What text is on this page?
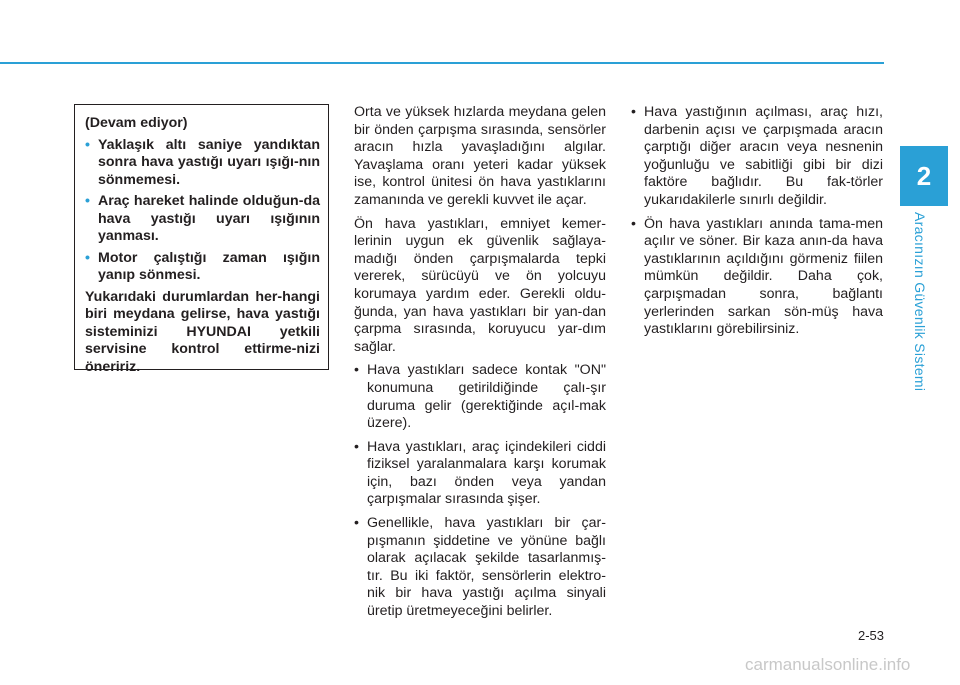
2
Aracınızın Güvenlik Sistemi

(Devam ediyor)

• Yaklaşık altı saniye yandıktan sonra hava yastığı uyarı ışığı-nın sönmemesi.
• Araç hareket halinde olduğun-da hava yastığı uyarı ışığının yanması.
• Motor çalıştığı zaman ışığın yanıp sönmesi.

Yukarıdaki durumlardan her-hangi biri meydana gelirse, hava yastığı sisteminizi HYUNDAI yetkili servisine kontrol ettirme-nizi öneririz.

Orta ve yüksek hızlarda meydana gelen bir önden çarpışma sırasında, sensörler aracın hızla yavaşladığını algılar. Yavaşlama oranı yeteri kadar yüksek ise, kontrol ünitesi ön hava yastıklarını zamanında ve gerekli kuvvet ile açar.

Ön hava yastıkları, emniyet kemer-lerinin uygun ek güvenlik sağlaya-madığı önden çarpışmalarda tepki vererek, sürücüyü ve ön yolcuyu korumaya yardım eder. Gerekli oldu-ğunda, yan hava yastıkları bir yan-dan çarpma sırasında, koruyucu yar-dım sağlar.

• Hava yastıkları sadece kontak "ON" konumuna getirildiğinde çalı-şır duruma gelir (gerektiğinde açıl-mak üzere).
• Hava yastıkları, araç içindekileri ciddi fiziksel yaralanmalara karşı korumak için, bazı önden veya yandan çarpışmalar sırasında şişer.
• Genellikle, hava yastıkları bir çar-pışmanın şiddetine ve yönüne bağlı olarak açılacak şekilde tasarlanmış-tır. Bu iki faktör, sensörlerin elektro-nik bir hava yastığı açılma sinyali üretip üretmeyeceğini belirler.
• Hava yastığının açılması, araç hızı, darbenin açısı ve çarpışmada aracın çarptığı diğer aracın veya nesnenin yoğunluğu ve sabitliği gibi bir dizi faktöre bağlıdır. Bu fak-törler yukarıdakilerle sınırlı değildir.
• Ön hava yastıkları anında tama-men açılır ve söner. Bir kaza anın-da hava yastıklarının açıldığını görmeniz fiilen mümkün değildir. Daha çok, çarpışmadan sonra, bağlantı yerlerinden sarkan sön-müş hava yastıklarını görebilirsiniz.
2-53
carmanualsonline.info
